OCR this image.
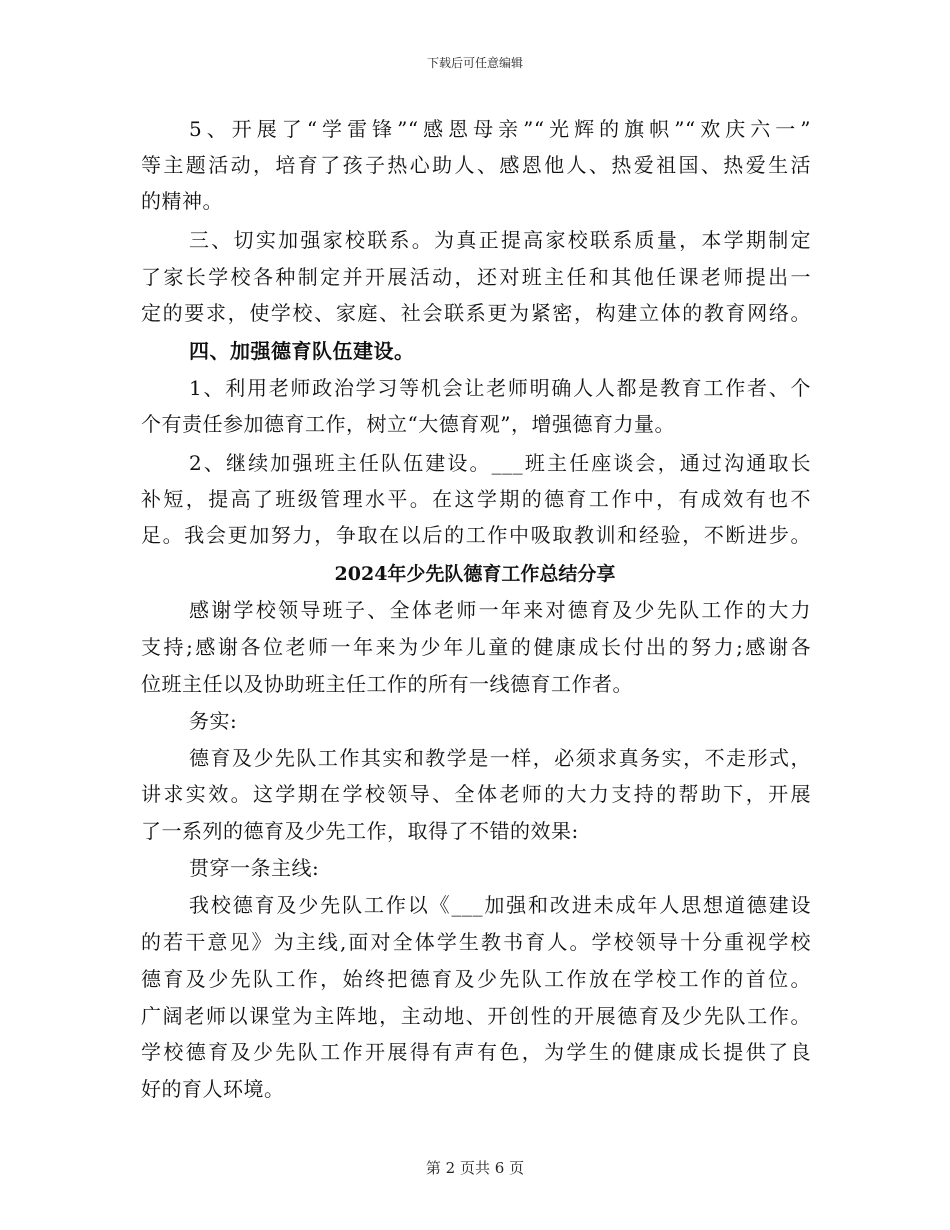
下载后可任意编辑
5、开展了“学雷锋”“感恩母亲”“光辉的旗帜”“欢庆六一”
等主题活动，培育了孩子热心助人、感恩他人、热爱祖国、热爱生活
的精神。
三、切实加强家校联系。为真正提高家校联系质量，本学期制定
了家长学校各种制定并开展活动，还对班主任和其他任课老师提出一
定的要求，使学校、家庭、社会联系更为紧密，构建立体的教育网络。
四、加强德育队伍建设。
1、利用老师政治学习等机会让老师明确人人都是教育工作者、个
个有责任参加德育工作，树立“大德育观”，增强德育力量。
2、继续加强班主任队伍建设。___班主任座谈会，通过沟通取长
补短，提高了班级管理水平。在这学期的德育工作中，有成效有也不
足。我会更加努力，争取在以后的工作中吸取教训和经验，不断进步。
2024年少先队德育工作总结分享
感谢学校领导班子、全体老师一年来对德育及少先队工作的大力
支持;感谢各位老师一年来为少年儿童的健康成长付出的努力;感谢各
位班主任以及协助班主任工作的所有一线德育工作者。
务实:
德育及少先队工作其实和教学是一样，必须求真务实，不走形式，
讲求实效。这学期在学校领导、全体老师的大力支持的帮助下，开展
了一系列的德育及少先工作，取得了不错的效果:
贯穿一条主线:
我校德育及少先队工作以《___加强和改进未成年人思想道德建设
的若干意见》为主线,面对全体学生教书育人。学校领导十分重视学校
德育及少先队工作，始终把德育及少先队工作放在学校工作的首位。
广阔老师以课堂为主阵地，主动地、开创性的开展德育及少先队工作。
学校德育及少先队工作开展得有声有色，为学生的健康成长提供了良
好的育人环境。
第 2 页共 6 页
